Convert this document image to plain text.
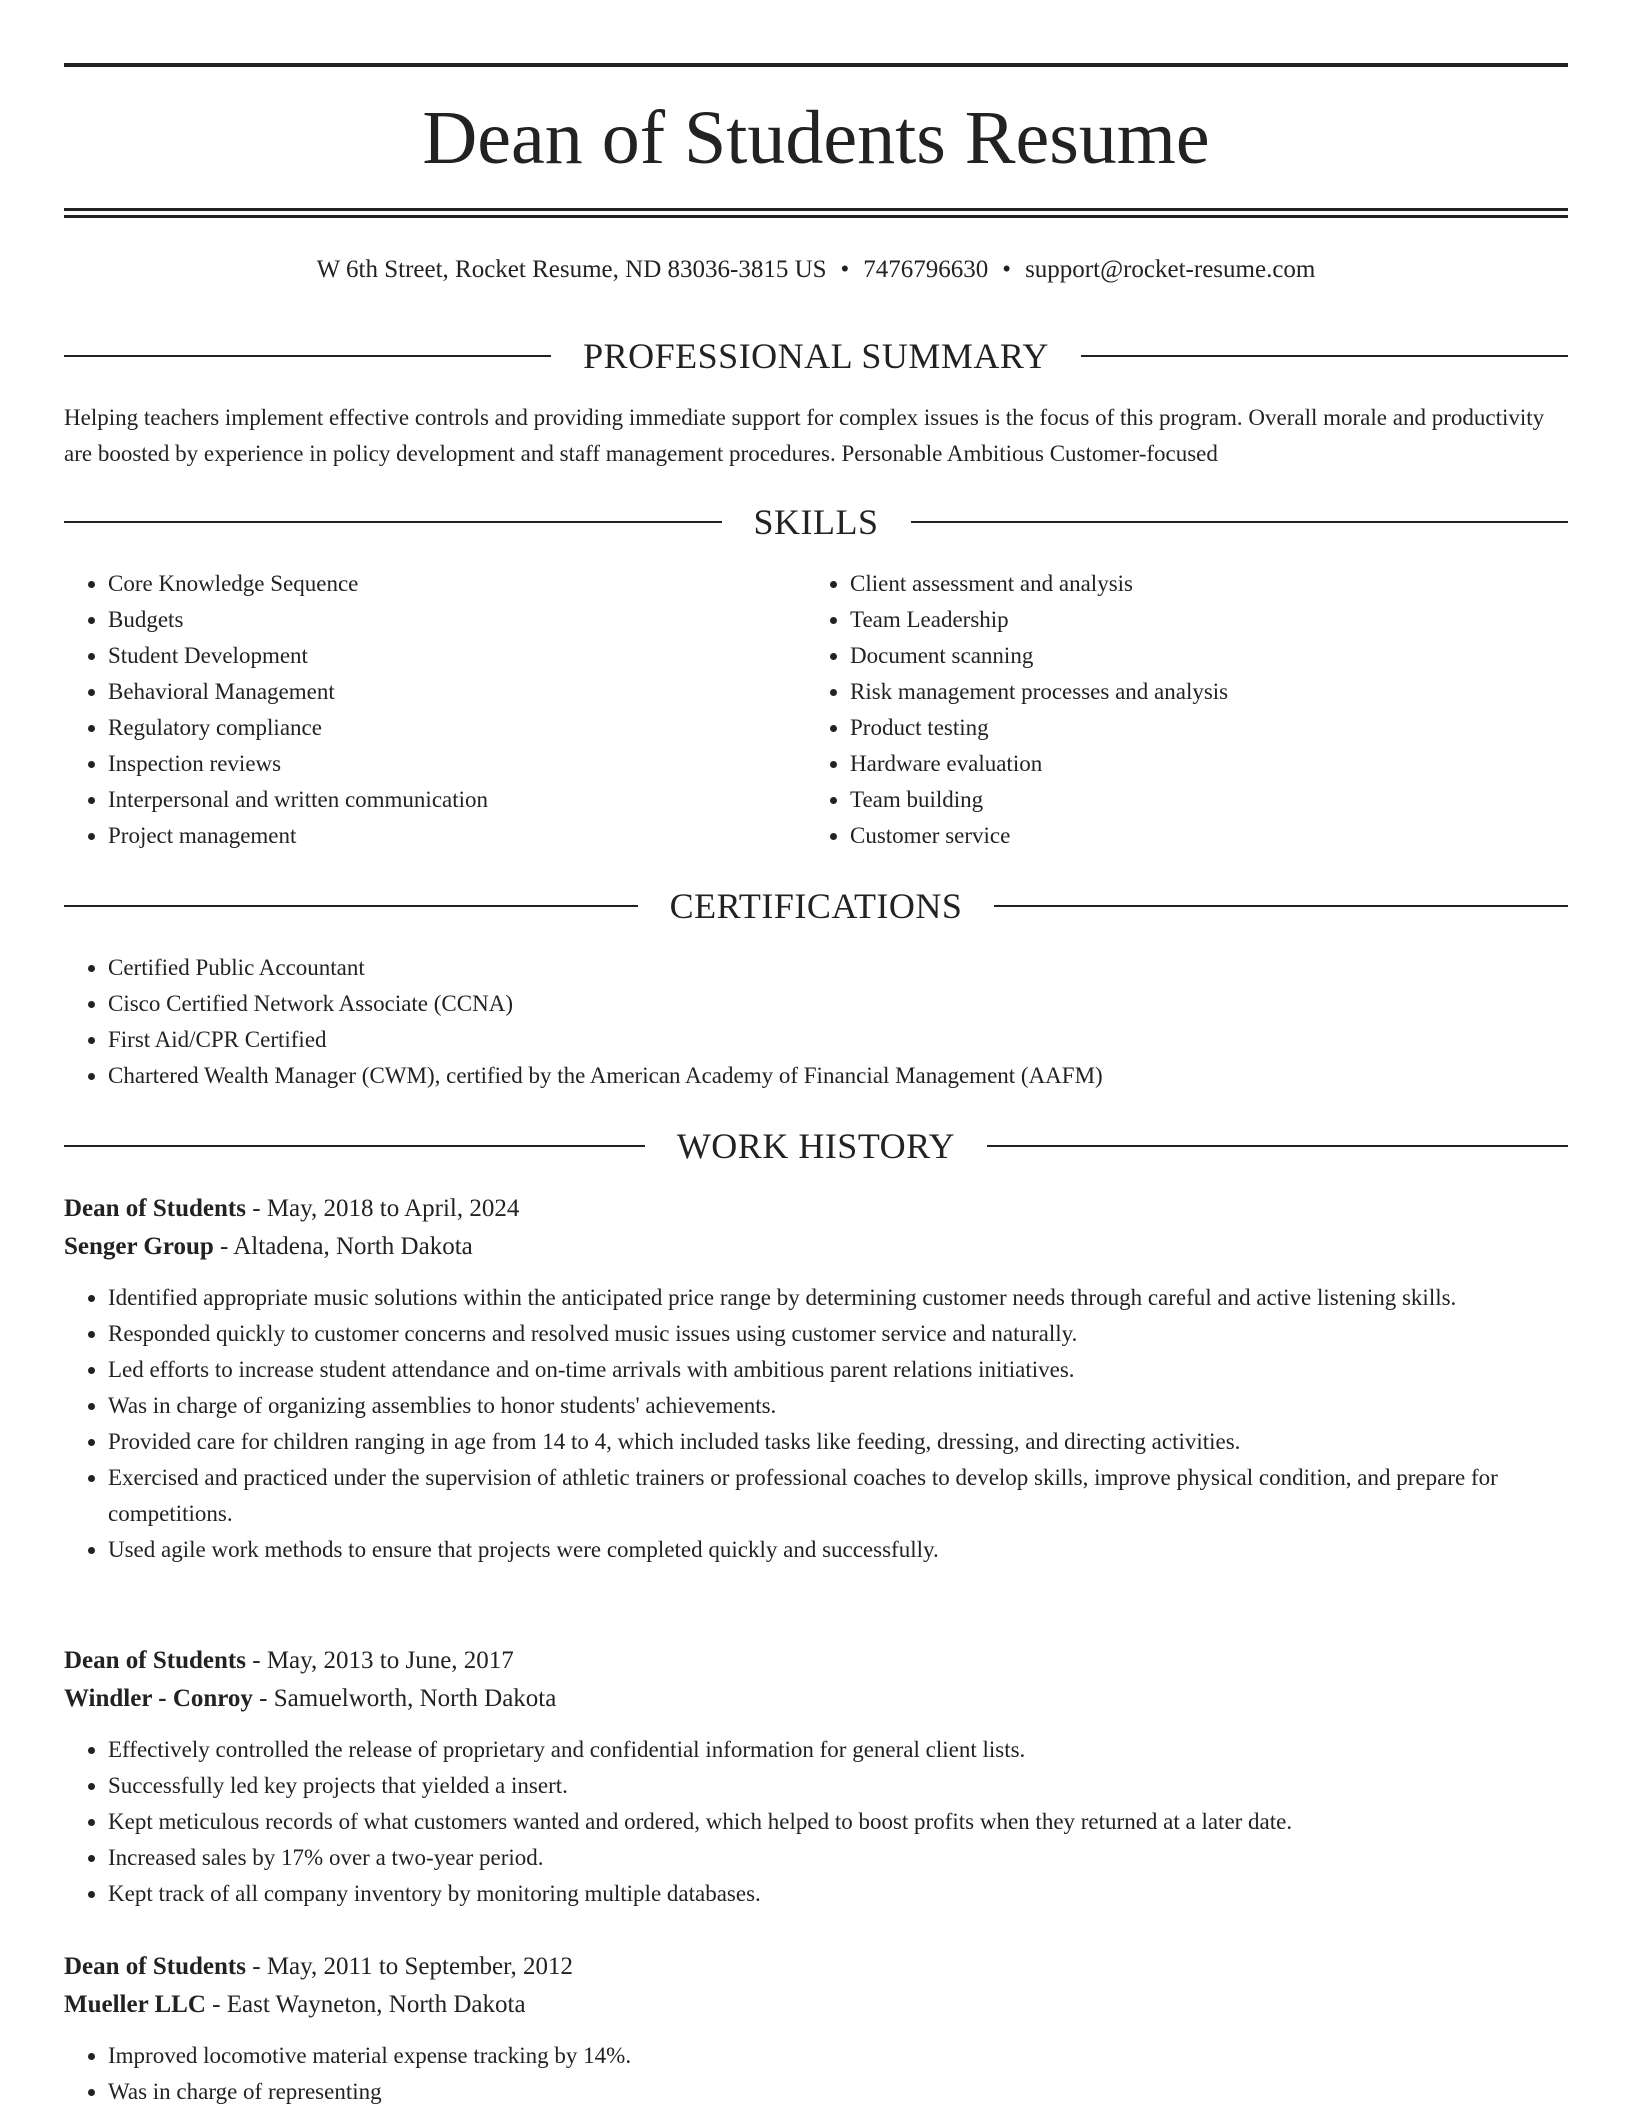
Dean of Students Resume
W 6th Street, Rocket Resume, ND 83036-3815 US • 7476796630 • support@rocket-resume.com
PROFESSIONAL SUMMARY

Helping teachers implement effective controls and providing immediate support for complex issues is the focus of this program. Overall morale and productivity are boosted by experience in policy development and staff management procedures. Personable Ambitious Customer-focused

SKILLS
• Core Knowledge Sequence
• Budgets
• Student Development
• Behavioral Management
• Regulatory compliance
• Inspection reviews
• Interpersonal and written communication
• Project management
• Client assessment and analysis
• Team Leadership
• Document scanning
• Risk management processes and analysis
• Product testing
• Hardware evaluation
• Team building
• Customer service
CERTIFICATIONS
• Certified Public Accountant
• Cisco Certified Network Associate (CCNA)
• First Aid/CPR Certified
• Chartered Wealth Manager (CWM), certified by the American Academy of Financial Management (AAFM)
WORK HISTORY
Dean of Students - May, 2018 to April, 2024
Senger Group - Altadena, North Dakota
• Identified appropriate music solutions within the anticipated price range by determining customer needs through careful and active listening skills.
• Responded quickly to customer concerns and resolved music issues using customer service and naturally.
• Led efforts to increase student attendance and on-time arrivals with ambitious parent relations initiatives.
• Was in charge of organizing assemblies to honor students' achievements.
• Provided care for children ranging in age from 14 to 4, which included tasks like feeding, dressing, and directing activities.
• Exercised and practiced under the supervision of athletic trainers or professional coaches to develop skills, improve physical condition, and prepare for competitions.
• Used agile work methods to ensure that projects were completed quickly and successfully.
Dean of Students - May, 2013 to June, 2017
Windler - Conroy - Samuelworth, North Dakota
• Effectively controlled the release of proprietary and confidential information for general client lists.
• Successfully led key projects that yielded a insert.
• Kept meticulous records of what customers wanted and ordered, which helped to boost profits when they returned at a later date.
• Increased sales by 17% over a two-year period.
• Kept track of all company inventory by monitoring multiple databases.
Dean of Students - May, 2011 to September, 2012
Mueller LLC - East Wayneton, North Dakota
• Improved locomotive material expense tracking by 14%.
• Was in charge of representing
